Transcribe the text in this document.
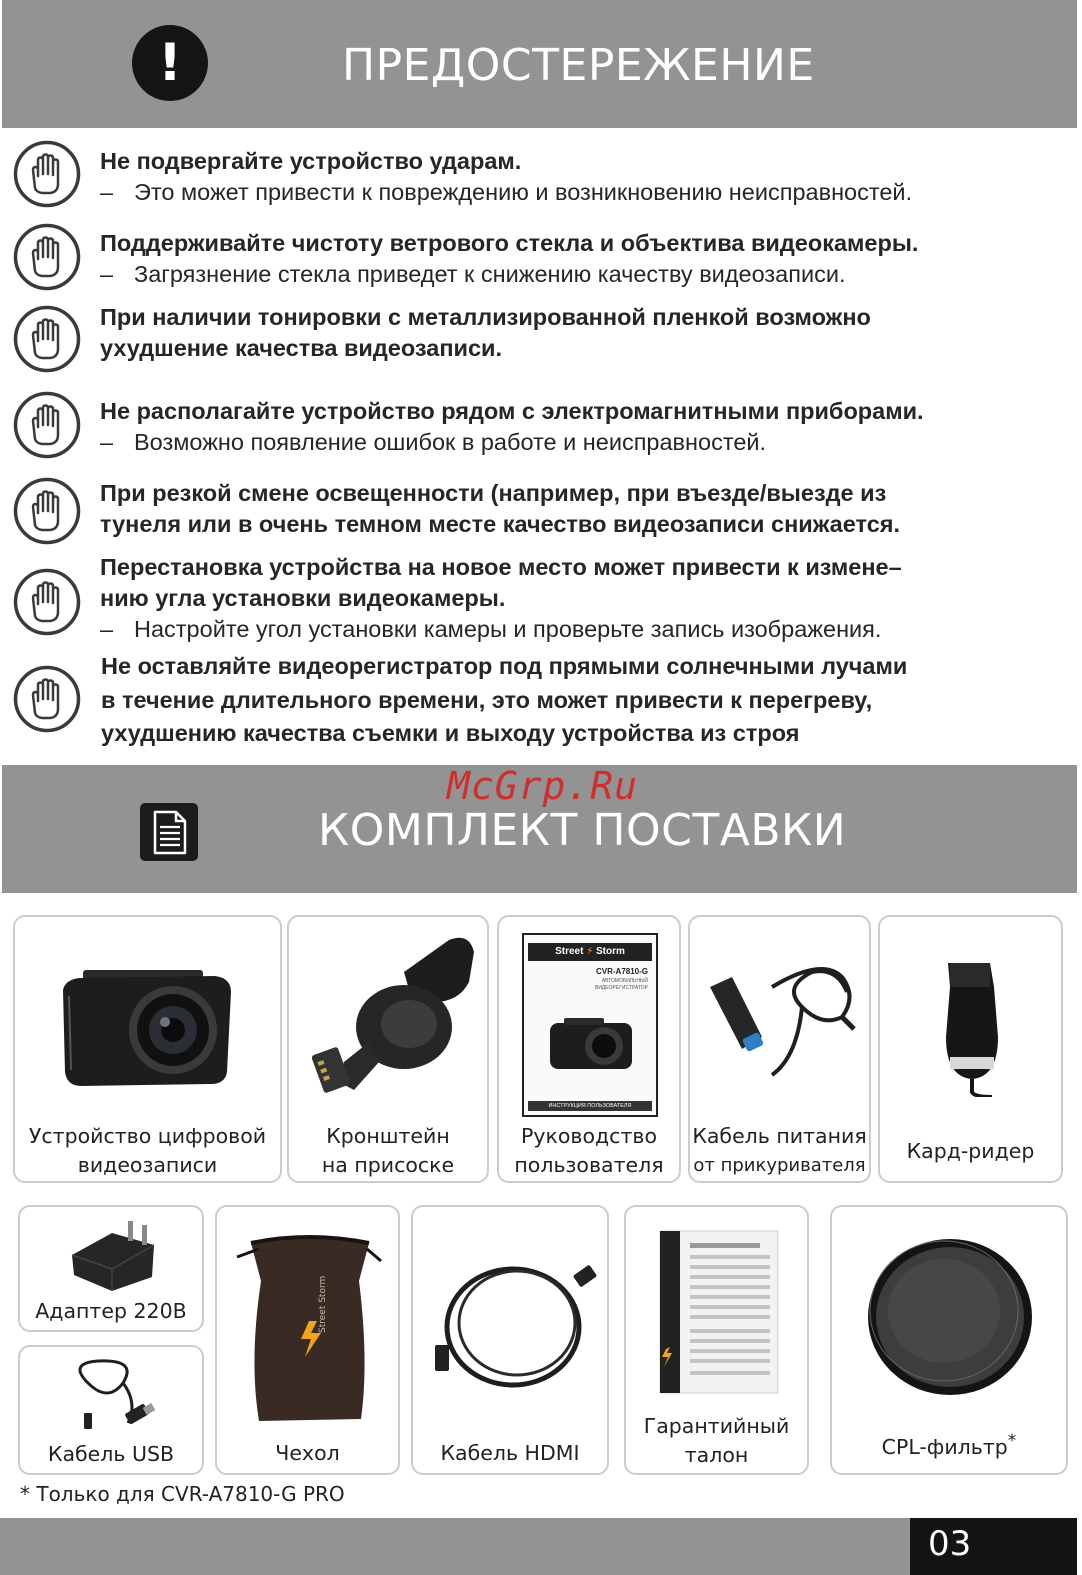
!	ПРЕДОСТЕРЕЖЕНИЕ
Не подвергайте устройство ударам.
– Это может привести к повреждению и возникновению неисправностей.
Поддерживайте чистоту ветрового стекла и объектива видеокамеры.
– Загрязнение стекла приведет к снижению качеству видеозаписи.
При наличии тонировки с металлизированной пленкой возможно
ухудшение качества видеозаписи.
Не располагайте устройство рядом с электромагнитными приборами.
– Возможно появление ошибок в работе и неисправностей.
При резкой смене освещенности (например, при въезде/выезде из
тунеля или в очень темном месте качество видеозаписи снижается.
Перестановка устройства на новое место может привести к измене–
нию угла установки видеокамеры.
– Настройте угол установки камеры и проверьте запись изображения.
Не оставляйте видеорегистратор под прямыми солнечными лучами
в течение длительного времени, это может привести к перегреву,
ухудшению качества съемки и выходу устройства из строя
КОМПЛЕКТ ПОСТАВКИ
McGrp.Ru
Устройство цифровой
видеозаписи
Кронштейн
на присоске
Street ⚡ Storm
CVR-A7810-G
АВТОМОБИЛЬНЫЙ
ВИДЕОРЕГИСТРАТОР
ИНСТРУКЦИЯ ПОЛЬЗОВАТЕЛЯ
Руководство
пользователя
Кабель питания
от прикуривателя
Кард-ридер
Адаптер 220В
Кабель USB
Street Storm
Чехол	Кабель HDMI
Гарантийный
талон	CPL-фильтр*
* Только для CVR-A7810-G PRO
03
